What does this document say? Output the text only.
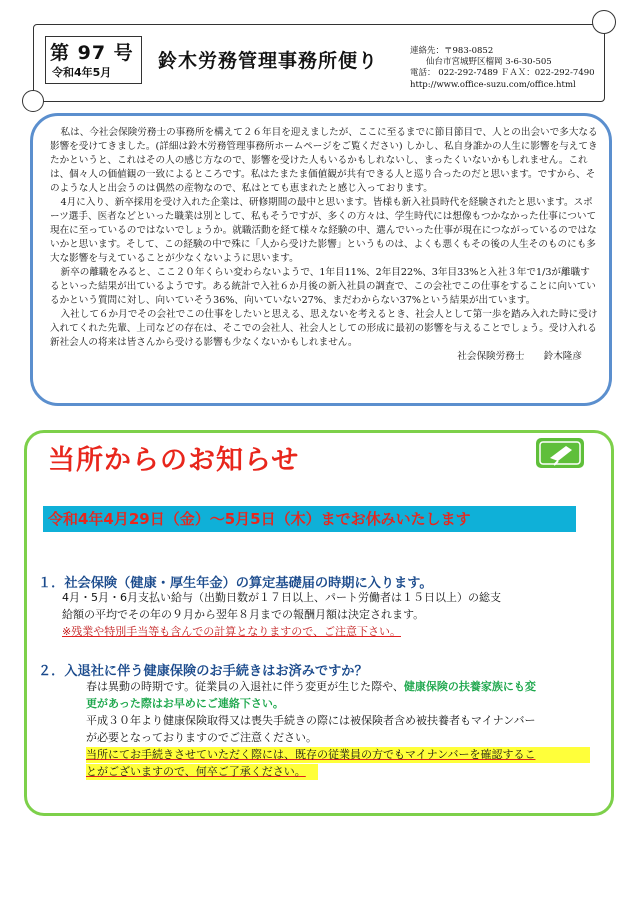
第 97 号
令和4年5月
鈴木労務管理事務所便り	連絡先：〒983-0852
仙台市宮城野区榴岡 3-6-30-505
電話： 022-292-7489 ＦＡＸ：022-292-7490
http://www.office-suzu.com/office.html

私は、今社会保険労務士の事務所を構えて２６年目を迎えましたが、ここに至るまでに節目節目で、人との出会いで多大なる影響を受けてきました。(詳細は鈴木労務管理事務所ホームページをご覧ください) しかし、私自身誰かの人生に影響を与えてきたかというと、これはその人の感じ方なので、影響を受けた人もいるかもしれないし、まったくいないかもしれません。これは、個々人の価値観の一致によるところです。私はたまたま価値観が共有できる人と巡り合ったのだと思います。ですから、そのような人と出会うのは偶然の産物なので、私はとても恵まれたと感じ入っております。

4月に入り、新卒採用を受け入れた企業は、研修期間の最中と思います。皆様も新入社員時代を経験されたと思います。スポーツ選手、医者などといった職業は別として、私もそうですが、多くの方々は、学生時代には想像もつかなかった仕事について現在に至っているのではないでしょうか。就職活動を経て様々な経験の中、選んでいった仕事が現在につながっているのではないかと思います。そして、この経験の中で殊に「人から受けた影響」というものは、よくも悪くもその後の人生そのものにも多大な影響を与えていることが少なくないように思います。

新卒の離職をみると、ここ２０年くらい変わらないようで、1年目11%、2年目22%、3年目33%と入社３年で1/3が離職するといった結果が出ているようです。ある統計で入社６か月後の新入社員の調査で、この会社でこの仕事をすることに向いているかという質問に対し、向いていそう36%、向いていない27%、まだわからない37%という結果が出ています。

入社して６か月でその会社でこの仕事をしたいと思える、思えないを考えるとき、社会人として第一歩を踏み入れた時に受け入れてくれた先輩、上司などの存在は、そこでの会社人、社会人としての形成に最初の影響を与えることでしょう。受け入れる新社会人の将来は皆さんから受ける影響も少なくないかもしれません。

社会保険労務士　　鈴木隆彦

当所からのお知らせ
令和4年4月29日（金）～5月5日（木）までお休みいたします
１．社会保険（健康・厚生年金）の算定基礎届の時期に入ります。
4月・5月・6月支払い給与（出勤日数が１７日以上、パート労働者は１５日以上）の総支
給額の平均でその年の９月から翌年８月までの報酬月額は決定されます。
※残業や特別手当等も含んでの計算となりますので、ご注意下さい。
２．入退社に伴う健康保険のお手続きはお済みですか？
春は異動の時期です。従業員の入退社に伴う変更が生じた際や、健康保険の扶養家族にも変
更があった際はお早めにご連絡下さい。
平成３０年より健康保険取得又は喪失手続きの際には被保険者含め被扶養者もマイナンバー
が必要となっておりますのでご注意ください。
当所にてお手続きさせていただく際には、既存の従業員の方でもマイナンバーを確認するこ
とがございますので、何卒ご了承ください。
